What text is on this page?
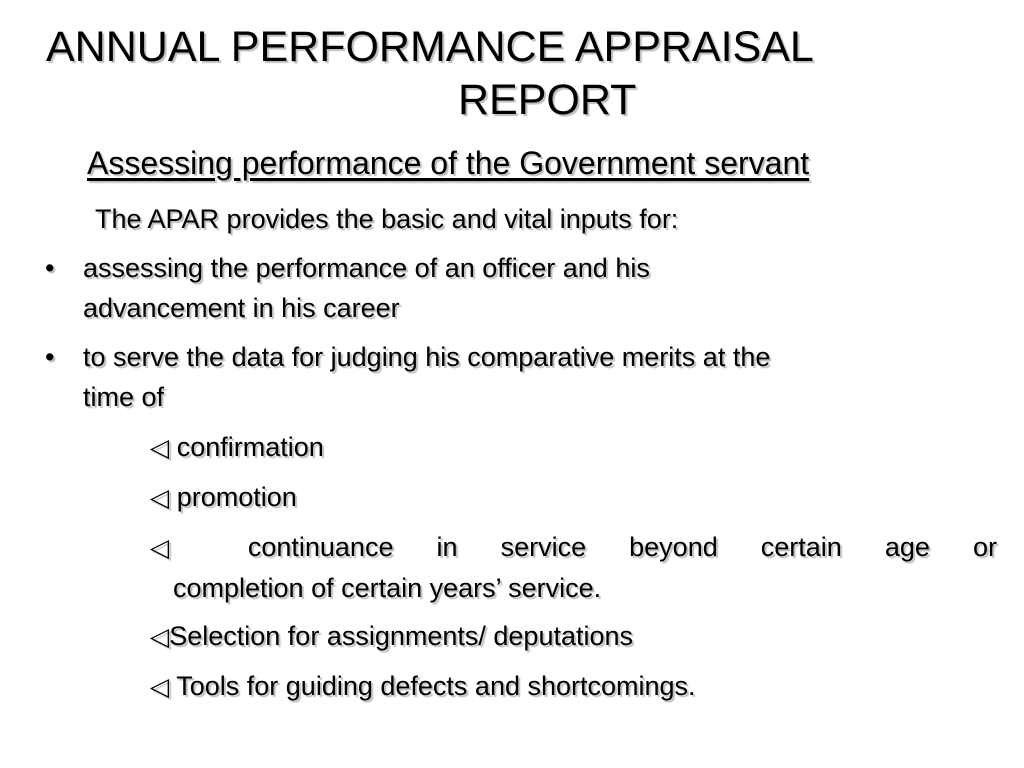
ANNUAL PERFORMANCE APPRAISAL
REPORT
Assessing performance of the Government servant
The APAR provides the basic and vital inputs for:
• assessing the performance of an officer and his
advancement in his career
• to serve the data for judging his comparative merits at the
time of
◁ confirmation
◁ promotion
◁ continuance in service beyond certain age or
completion of certain years’ service.
◁Selection for assignments/ deputations
◁ Tools for guiding defects and shortcomings.
